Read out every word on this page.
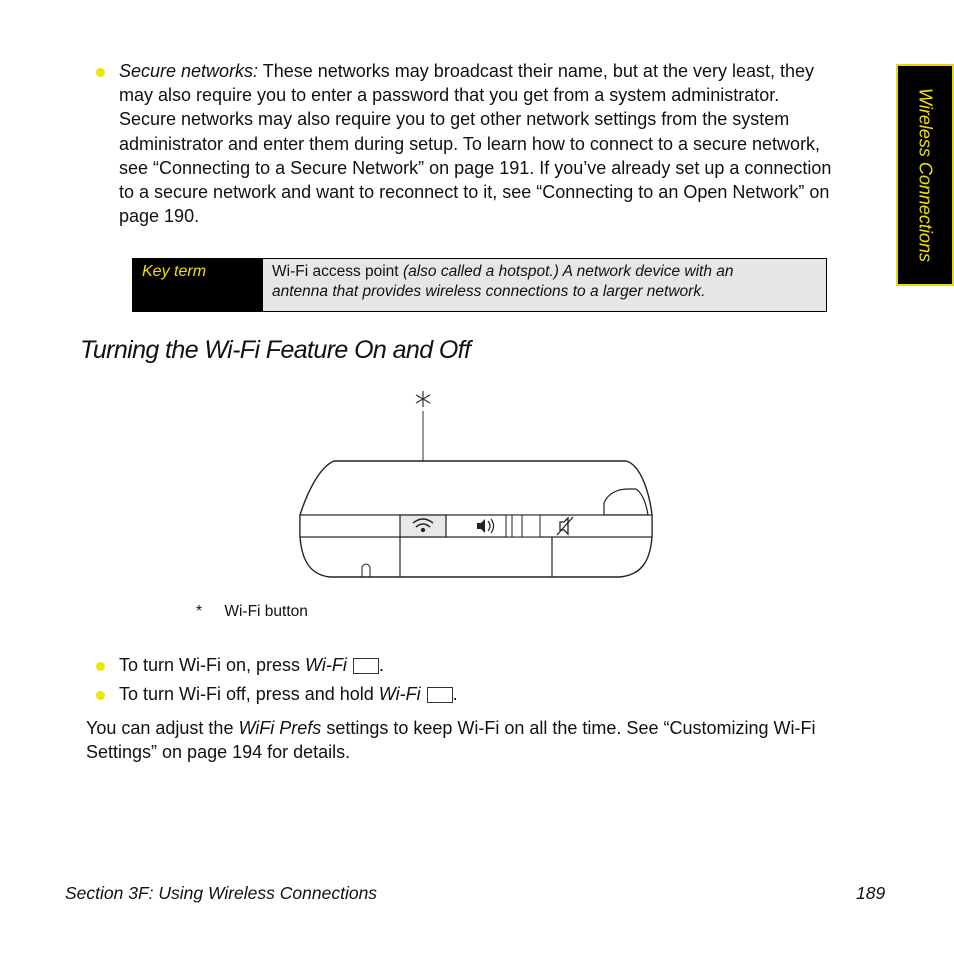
Wireless Connections
Secure networks: These networks may broadcast their name, but at the very least, they
may also require you to enter a password that you get from a system administrator.
Secure networks may also require you to get other network settings from the system
administrator and enter them during setup. To learn how to connect to a secure network,
see “Connecting to a Secure Network” on page 191. If you’ve already set up a connection
to a secure network and want to reconnect to it, see “Connecting to an Open Network” on
page 190.
Key term	Wi-Fi access point (also called a hotspot.) A network device with an
antenna that provides wireless connections to a larger network.
Turning the Wi-Fi Feature On and Off
* Wi-Fi button
To turn Wi-Fi on, press Wi-Fi .
To turn Wi-Fi off, press and hold Wi-Fi .
You can adjust the WiFi Prefs settings to keep Wi-Fi on all the time. See “Customizing Wi-Fi
Settings” on page 194 for details.
Section 3F: Using Wireless Connections	189
